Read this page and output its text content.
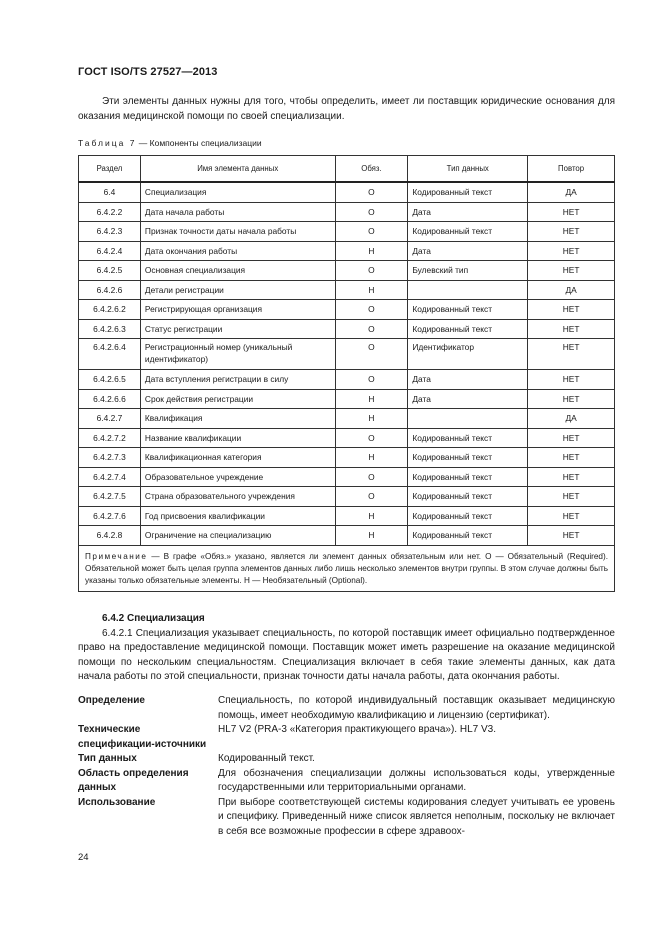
ГОСТ ISO/TS 27527—2013
Эти элементы данных нужны для того, чтобы определить, имеет ли поставщик юридические основания для оказания медицинской помощи по своей специализации.
Таблица 7 — Компоненты специализации
Раздел	Имя элемента данных	Обяз.	Тип данных	Повтор
6.4	Специализация	О	Кодированный текст	ДА
6.4.2.2	Дата начала работы	О	Дата	НЕТ
6.4.2.3	Признак точности даты начала работы	О	Кодированный текст	НЕТ
6.4.2.4	Дата окончания работы	Н	Дата	НЕТ
6.4.2.5	Основная специализация	О	Булевский тип	НЕТ
6.4.2.6	Детали регистрации	Н		ДА
6.4.2.6.2	Регистрирующая организация	О	Кодированный текст	НЕТ
6.4.2.6.3	Статус регистрации	О	Кодированный текст	НЕТ
6.4.2.6.4	Регистрационный номер (уникальный идентификатор)	О	Идентификатор	НЕТ
6.4.2.6.5	Дата вступления регистрации в силу	О	Дата	НЕТ
6.4.2.6.6	Срок действия регистрации	Н	Дата	НЕТ
6.4.2.7	Квалификация	Н		ДА
6.4.2.7.2	Название квалификации	О	Кодированный текст	НЕТ
6.4.2.7.3	Квалификационная категория	Н	Кодированный текст	НЕТ
6.4.2.7.4	Образовательное учреждение	О	Кодированный текст	НЕТ
6.4.2.7.5	Страна образовательного учреждения	О	Кодированный текст	НЕТ
6.4.2.7.6	Год присвоения квалификации	Н	Кодированный текст	НЕТ
6.4.2.8	Ограничение на специализацию	Н	Кодированный текст	НЕТ
Примечание — В графе «Обяз.» указано, является ли элемент данных обязательным или нет. О — Обязательный (Required). Обязательной может быть целая группа элементов данных либо лишь несколько элементов внутри группы. В этом случае должны быть указаны только обязательные элементы. Н — Необязательный (Optional).				
6.4.2 Специализация
6.4.2.1 Специализация указывает специальность, по которой поставщик имеет официально подтвержденное право на предоставление медицинской помощи. Поставщик может иметь разрешение на оказание медицинской помощи по нескольким специальностям. Специализация включает в себя такие элементы данных, как дата начала работы по этой специальности, признак точности даты начала работы, дата окончания работы.
Определение	Специальность, по которой индивидуальный поставщик оказывает медицинскую помощь, имеет необходимую квалификацию и лицензию (сертификат).
Технические спецификации-источники
HL7 V2 (PRA-3 «Категория практикующего врача»). HL7 V3.
Тип данных	Кодированный текст.
Область определения данных
Для обозначения специализации должны использоваться коды, утвержденные государственными или территориальными органами.
Использование	При выборе соответствующей системы кодирования следует учитывать ее уровень и специфику. Приведенный ниже список является неполным, поскольку не включает в себя все возможные профессии в сфере здравоох-
24
